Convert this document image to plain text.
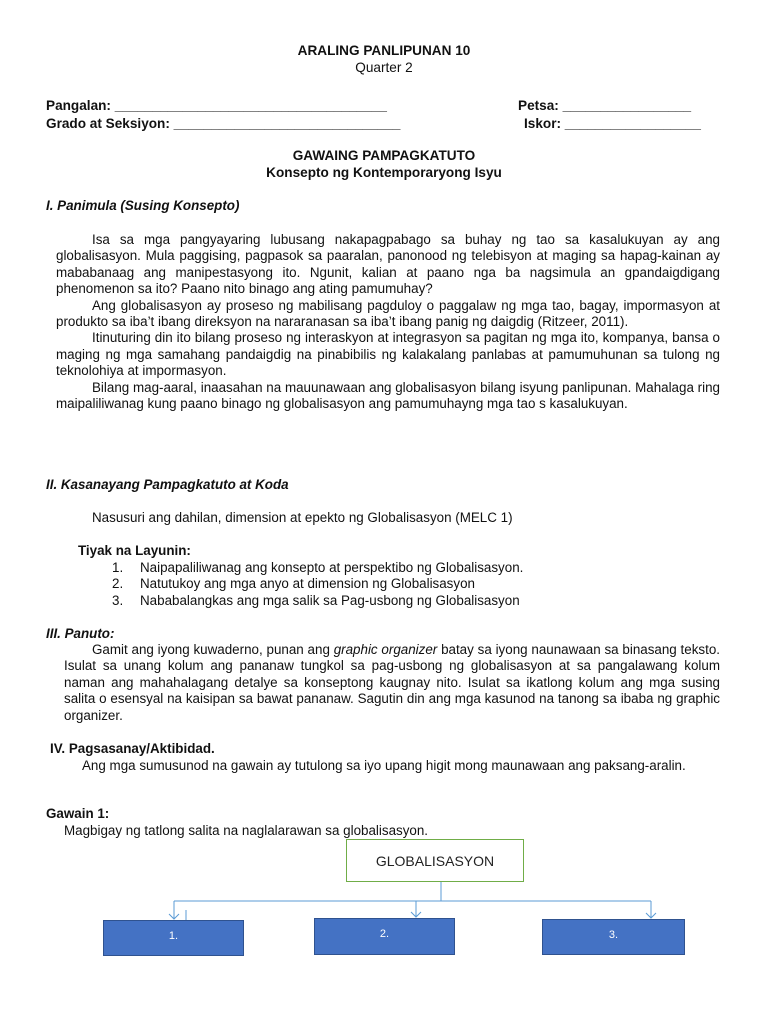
ARALING PANLIPUNAN 10
Quarter 2
Pangalan: ____________________________________	Petsa: _________________
Grado at Seksiyon: ______________________________	Iskor: __________________
GAWAING PAMPAGKATUTO
Konsepto ng Kontemporaryong Isyu
I. Panimula (Susing Konsepto)
Isa sa mga pangyayaring lubusang nakapagpabago sa buhay ng tao sa kasalukuyan ay ang globalisasyon. Mula paggising, pagpasok sa paaralan, panonood ng telebisyon at maging sa hapag-kainan ay mababanaag ang manipestasyong ito. Ngunit, kalian at paano nga ba nagsimula an gpandaigdigang phenomenon sa ito? Paano nito binago ang ating pamumuhay?
Ang globalisasyon ay proseso ng mabilisang pagduloy o paggalaw ng mga tao, bagay, impormasyon at produkto sa iba’t ibang direksyon na nararanasan sa iba’t ibang panig ng daigdig (Ritzeer, 2011).
Itinuturing din ito bilang proseso ng interaskyon at integrasyon sa pagitan ng mga ito, kompanya, bansa o maging ng mga samahang pandaigdig na pinabibilis ng kalakalang panlabas at pamumuhunan sa tulong ng teknolohiya at impormasyon.
Bilang mag-aaral, inaasahan na mauunawaan ang globalisasyon bilang isyung panlipunan. Mahalaga ring maipaliliwanag kung paano binago ng globalisasyon ang pamumuhayng mga tao s kasalukuyan.
II. Kasanayang Pampagkatuto at Koda
Nasusuri ang dahilan, dimension at epekto ng Globalisasyon (MELC 1)
Tiyak na Layunin:
1.	Naipapaliliwanag ang konsepto at perspektibo ng Globalisasyon.
2.	Natutukoy ang mga anyo at dimension ng Globalisasyon
3.	Nababalangkas ang mga salik sa Pag-usbong ng Globalisasyon
III. Panuto:
Gamit ang iyong kuwaderno, punan ang graphic organizer batay sa iyong naunawaan sa binasang teksto. Isulat sa unang kolum ang pananaw tungkol sa pag-usbong ng globalisasyon at sa pangalawang kolum naman ang mahahalagang detalye sa konseptong kaugnay nito. Isulat sa ikatlong kolum ang mga susing salita o esensyal na kaisipan sa bawat pananaw. Sagutin din ang mga kasunod na tanong sa ibaba ng graphic organizer.
IV. Pagsasanay/Aktibidad.
Ang mga sumusunod na gawain ay tutulong sa iyo upang higit mong maunawaan ang paksang-aralin.
Gawain 1:
Magbigay ng tatlong salita na naglalarawan sa globalisasyon.
GLOBALISASYON
1.	2.	3.
